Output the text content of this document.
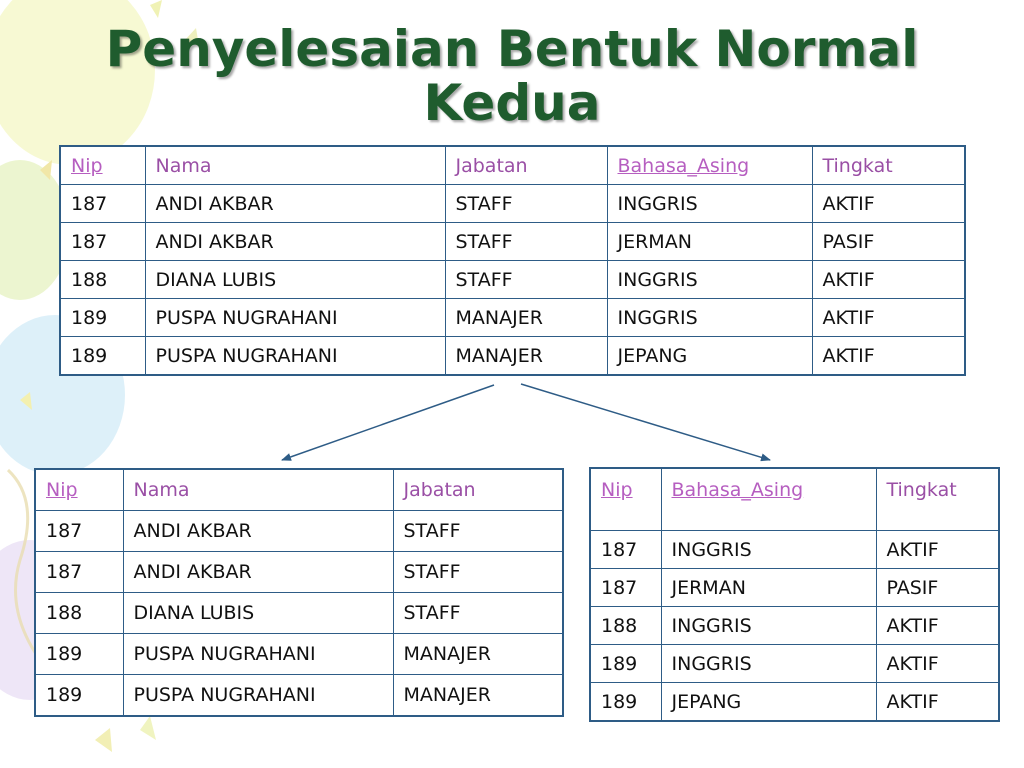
Penyelesaian Bentuk Normal
Kedua
Nip	Nama	Jabatan	Bahasa_Asing	Tingkat
187	ANDI AKBAR	STAFF	INGGRIS	AKTIF
187	ANDI AKBAR	STAFF	JERMAN	PASIF
188	DIANA LUBIS	STAFF	INGGRIS	AKTIF
189	PUSPA NUGRAHANI	MANAJER	INGGRIS	AKTIF
189	PUSPA NUGRAHANI	MANAJER	JEPANG	AKTIF
Nip	Nama	Jabatan
187	ANDI AKBAR	STAFF
187	ANDI AKBAR	STAFF
188	DIANA LUBIS	STAFF
189	PUSPA NUGRAHANI	MANAJER
189	PUSPA NUGRAHANI	MANAJER
Nip	Bahasa_Asing	Tingkat
187	INGGRIS	AKTIF
187	JERMAN	PASIF
188	INGGRIS	AKTIF
189	INGGRIS	AKTIF
189	JEPANG	AKTIF
